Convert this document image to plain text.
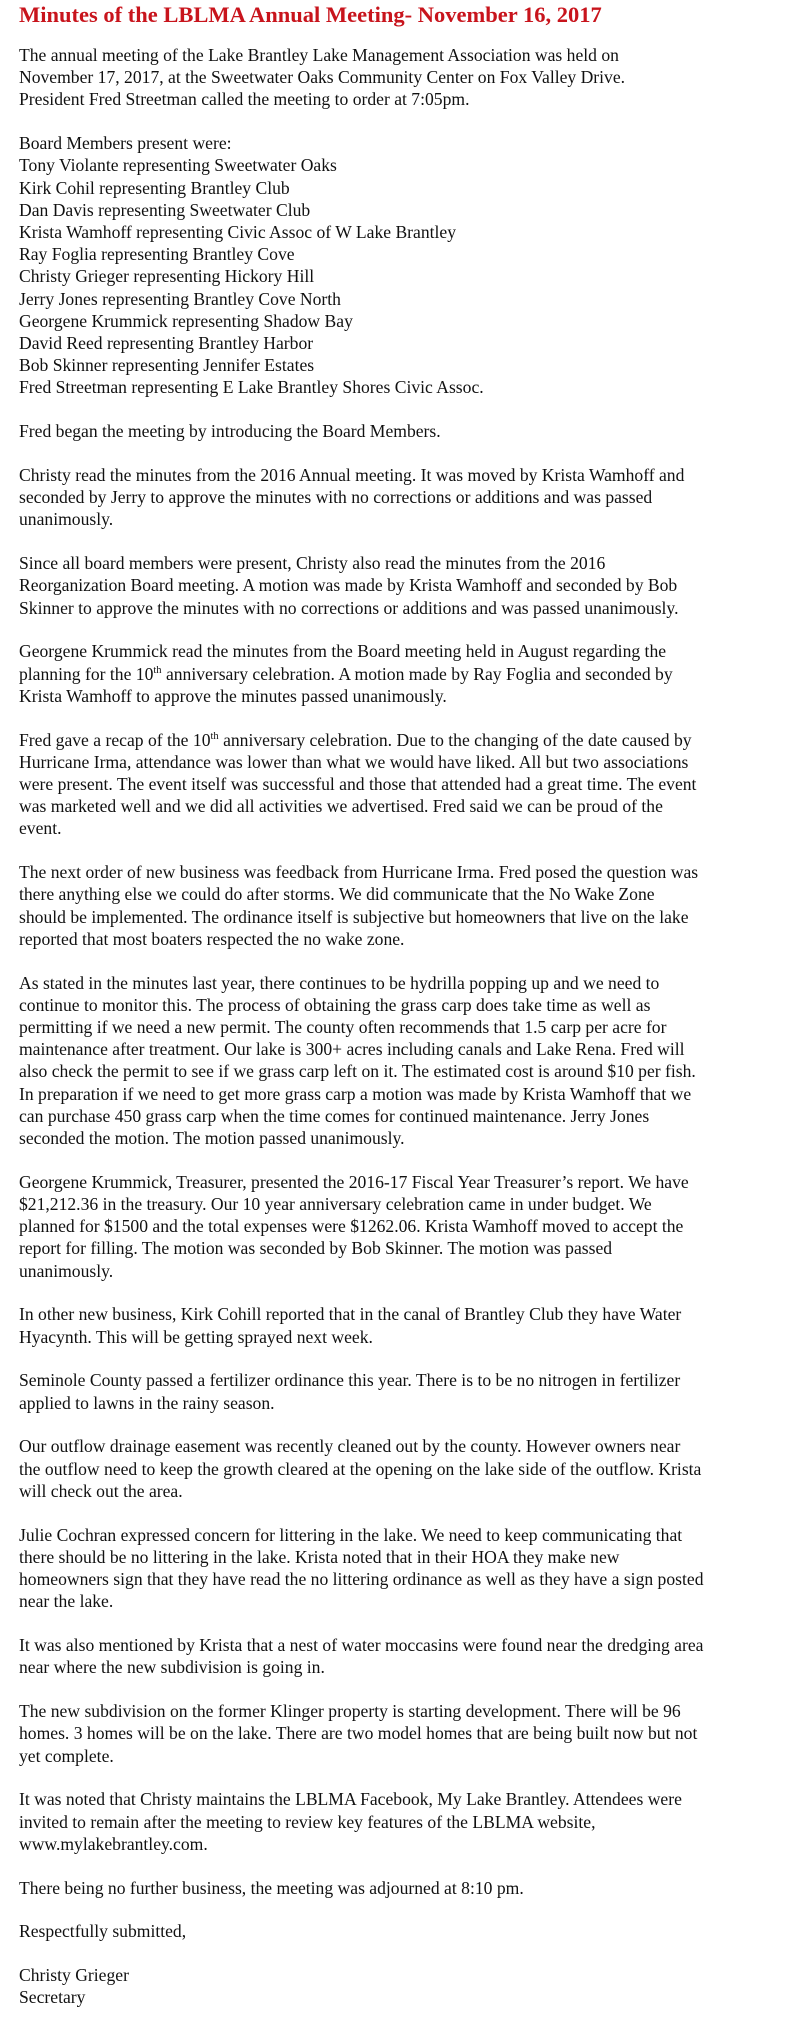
Minutes of the LBLMA Annual Meeting- November 16, 2017

The annual meeting of the Lake Brantley Lake Management Association was held on
November 17, 2017, at the Sweetwater Oaks Community Center on Fox Valley Drive.
President Fred Streetman called the meeting to order at 7:05pm.

Board Members present were:
Tony Violante representing Sweetwater Oaks
Kirk Cohil representing Brantley Club
Dan Davis representing Sweetwater Club
Krista Wamhoff representing Civic Assoc of W Lake Brantley
Ray Foglia representing Brantley Cove
Christy Grieger representing Hickory Hill
Jerry Jones representing Brantley Cove North
Georgene Krummick representing Shadow Bay
David Reed representing Brantley Harbor
Bob Skinner representing Jennifer Estates
Fred Streetman representing E Lake Brantley Shores Civic Assoc.

Fred began the meeting by introducing the Board Members.

Christy read the minutes from the 2016 Annual meeting. It was moved by Krista Wamhoff and
seconded by Jerry to approve the minutes with no corrections or additions and was passed
unanimously.

Since all board members were present, Christy also read the minutes from the 2016
Reorganization Board meeting. A motion was made by Krista Wamhoff and seconded by Bob
Skinner to approve the minutes with no corrections or additions and was passed unanimously.

Georgene Krummick read the minutes from the Board meeting held in August regarding the
planning for the 10th anniversary celebration. A motion made by Ray Foglia and seconded by
Krista Wamhoff to approve the minutes passed unanimously.

Fred gave a recap of the 10th anniversary celebration. Due to the changing of the date caused by
Hurricane Irma, attendance was lower than what we would have liked. All but two associations
were present. The event itself was successful and those that attended had a great time. The event
was marketed well and we did all activities we advertised. Fred said we can be proud of the
event.

The next order of new business was feedback from Hurricane Irma. Fred posed the question was
there anything else we could do after storms. We did communicate that the No Wake Zone
should be implemented. The ordinance itself is subjective but homeowners that live on the lake
reported that most boaters respected the no wake zone.

As stated in the minutes last year, there continues to be hydrilla popping up and we need to
continue to monitor this. The process of obtaining the grass carp does take time as well as
permitting if we need a new permit. The county often recommends that 1.5 carp per acre for
maintenance after treatment. Our lake is 300+ acres including canals and Lake Rena. Fred will
also check the permit to see if we grass carp left on it. The estimated cost is around $10 per fish.
In preparation if we need to get more grass carp a motion was made by Krista Wamhoff that we
can purchase 450 grass carp when the time comes for continued maintenance. Jerry Jones
seconded the motion. The motion passed unanimously.

Georgene Krummick, Treasurer, presented the 2016-17 Fiscal Year Treasurer’s report. We have
$21,212.36 in the treasury. Our 10 year anniversary celebration came in under budget. We
planned for $1500 and the total expenses were $1262.06. Krista Wamhoff moved to accept the
report for filling. The motion was seconded by Bob Skinner. The motion was passed
unanimously.

In other new business, Kirk Cohill reported that in the canal of Brantley Club they have Water
Hyacynth. This will be getting sprayed next week.

Seminole County passed a fertilizer ordinance this year. There is to be no nitrogen in fertilizer
applied to lawns in the rainy season.

Our outflow drainage easement was recently cleaned out by the county. However owners near
the outflow need to keep the growth cleared at the opening on the lake side of the outflow. Krista
will check out the area.

Julie Cochran expressed concern for littering in the lake. We need to keep communicating that
there should be no littering in the lake. Krista noted that in their HOA they make new
homeowners sign that they have read the no littering ordinance as well as they have a sign posted
near the lake.

It was also mentioned by Krista that a nest of water moccasins were found near the dredging area
near where the new subdivision is going in.

The new subdivision on the former Klinger property is starting development. There will be 96
homes. 3 homes will be on the lake. There are two model homes that are being built now but not
yet complete.

It was noted that Christy maintains the LBLMA Facebook, My Lake Brantley. Attendees were
invited to remain after the meeting to review key features of the LBLMA website,
www.mylakebrantley.com.

There being no further business, the meeting was adjourned at 8:10 pm.

Respectfully submitted,

Christy Grieger
Secretary
